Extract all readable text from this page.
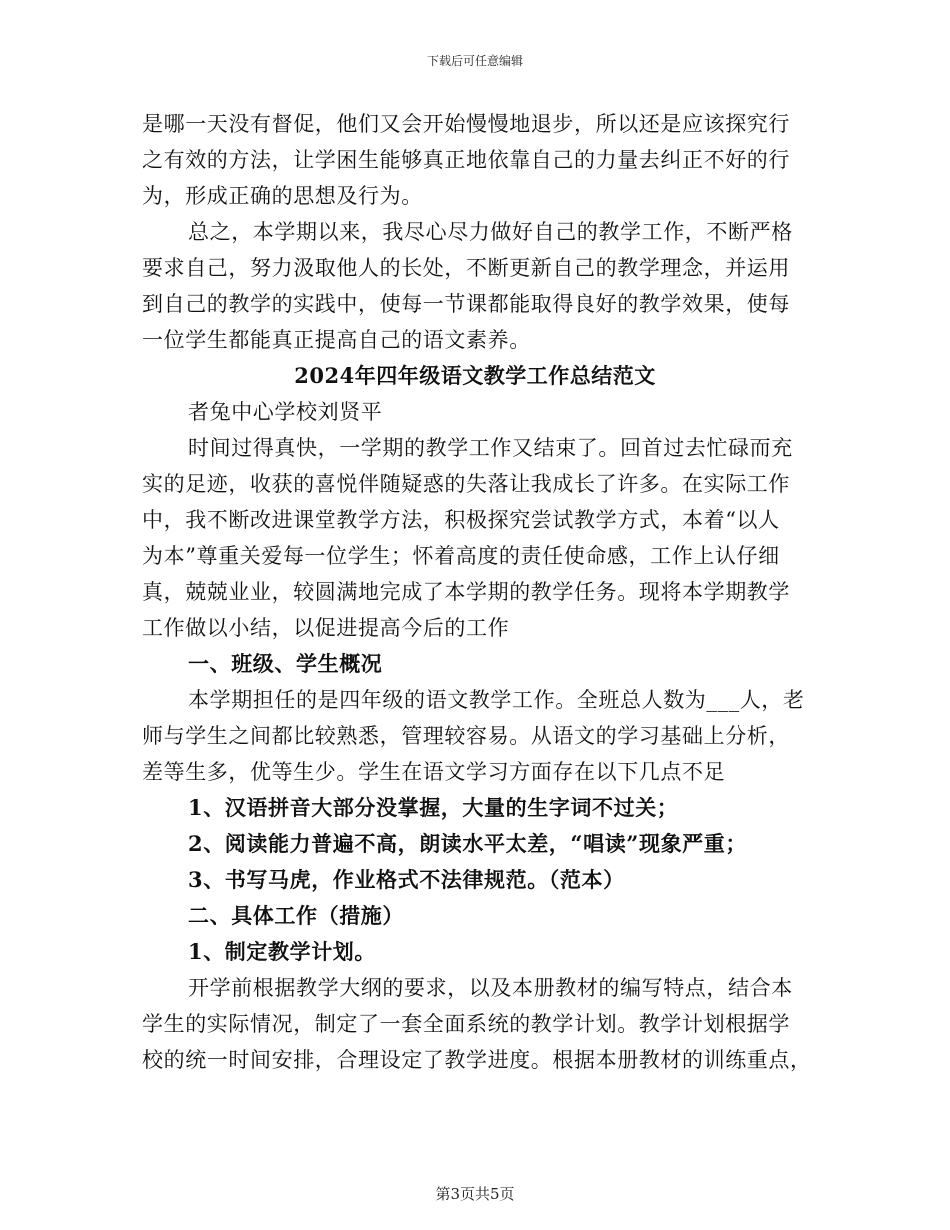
下载后可任意编辑

是哪一天没有督促，他们又会开始慢慢地退步，所以还是应该探究行
之有效的方法，让学困生能够真正地依靠自己的力量去纠正不好的行
为，形成正确的思想及行为。

总之，本学期以来，我尽心尽力做好自己的教学工作，不断严格
要求自己，努力汲取他人的长处，不断更新自己的教学理念，并运用
到自己的教学的实践中，使每一节课都能取得良好的教学效果，使每
一位学生都能真正提高自己的语文素养。

2024年四年级语文教学工作总结范文

者兔中心学校刘贤平

时间过得真快，一学期的教学工作又结束了。回首过去忙碌而充
实的足迹，收获的喜悦伴随疑惑的失落让我成长了许多。在实际工作
中，我不断改进课堂教学方法，积极探究尝试教学方式，本着“以人
为本”尊重关爱每一位学生；怀着高度的责任使命感，工作上认仔细
真，兢兢业业，较圆满地完成了本学期的教学任务。现将本学期教学
工作做以小结，以促进提高今后的工作

一、班级、学生概况

本学期担任的是四年级的语文教学工作。全班总人数为___人，老
师与学生之间都比较熟悉，管理较容易。从语文的学习基础上分析，
差等生多，优等生少。学生在语文学习方面存在以下几点不足

1、汉语拼音大部分没掌握，大量的生字词不过关；

2、阅读能力普遍不高，朗读水平太差，“唱读”现象严重；

3、书写马虎，作业格式不法律规范。（范本）

二、具体工作（措施）

1、制定教学计划。

开学前根据教学大纲的要求，以及本册教材的编写特点，结合本
学生的实际情况，制定了一套全面系统的教学计划。教学计划根据学
校的统一时间安排，合理设定了教学进度。根据本册教材的训练重点，

第3页共5页
